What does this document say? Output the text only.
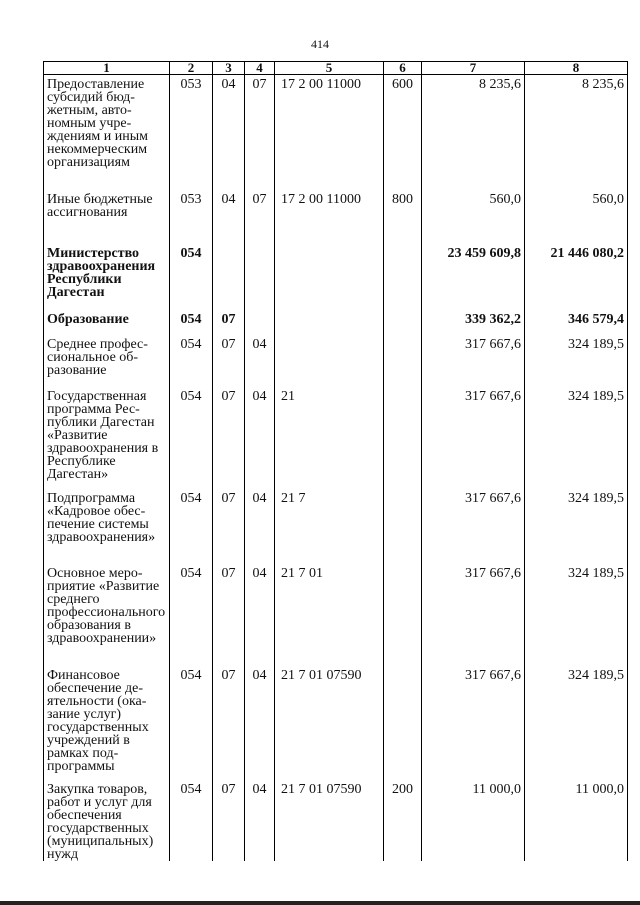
414
1	2	3	4	5	6	7	8
Предоставление субсидий бюджетным, автономным учреждениям и иным некоммерческим организациям	053	04	07	17 2 00 11000	600	8 235,6	8 235,6
Иные бюджетные ассигнования	053	04	07	17 2 00 11000	800	560,0	560,0
Министерство здравоохранения Республики Дагестан	054					23 459 609,8	21 446 080,2
Образование	054	07				339 362,2	346 579,4
Среднее профессиональное образование	054	07	04			317 667,6	324 189,5
Государственная программа Республики Дагестан «Развитие здравоохранения в Республике Дагестан»	054	07	04	21		317 667,6	324 189,5
Подпрограмма «Кадровое обеспечение системы здравоохранения»	054	07	04	21 7		317 667,6	324 189,5
Основное мероприятие «Развитие среднего профессионального образования в здравоохранении»	054	07	04	21 7 01		317 667,6	324 189,5
Финансовое обеспечение деятельности (оказание услуг) государственных учреждений в рамках подпрограммы	054	07	04	21 7 01 07590		317 667,6	324 189,5
Закупка товаров, работ и услуг для обеспечения государственных (муниципальных) нужд	054	07	04	21 7 01 07590	200	11 000,0	11 000,0
